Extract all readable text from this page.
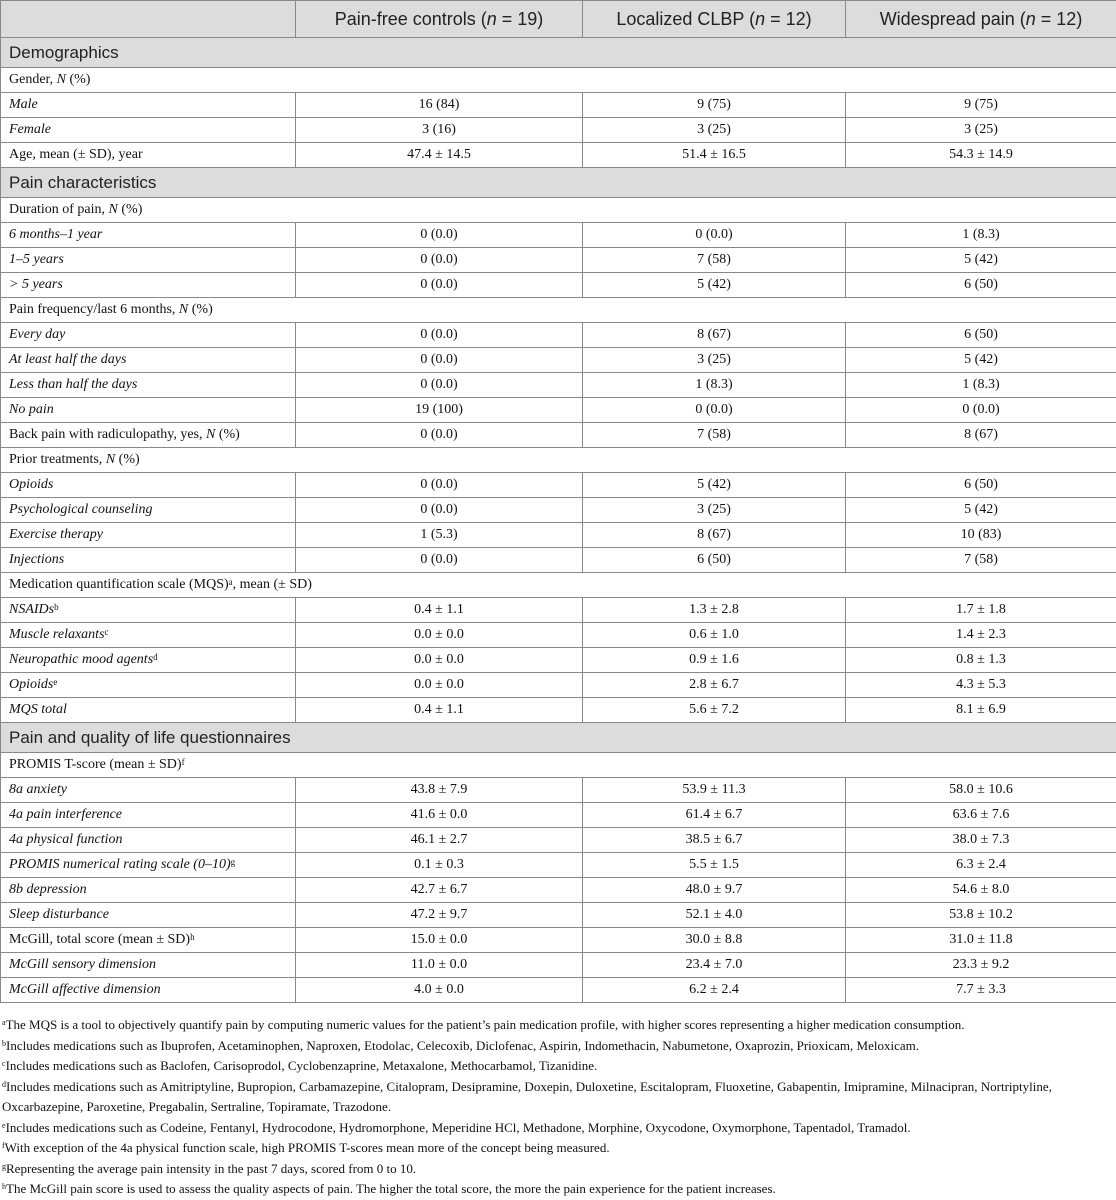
	Pain-free controls (n = 19)	Localized CLBP (n = 12)	Widespread pain (n = 12)
Demographics			
Gender, N (%)			
Male	16 (84)	9 (75)	9 (75)
Female	3 (16)	3 (25)	3 (25)
Age, mean (± SD), year	47.4 ± 14.5	51.4 ± 16.5	54.3 ± 14.9
Pain characteristics			
Duration of pain, N (%)			
6 months–1 year	0 (0.0)	0 (0.0)	1 (8.3)
1–5 years	0 (0.0)	7 (58)	5 (42)
> 5 years	0 (0.0)	5 (42)	6 (50)
Pain frequency/last 6 months, N (%)			
Every day	0 (0.0)	8 (67)	6 (50)
At least half the days	0 (0.0)	3 (25)	5 (42)
Less than half the days	0 (0.0)	1 (8.3)	1 (8.3)
No pain	19 (100)	0 (0.0)	0 (0.0)
Back pain with radiculopathy, yes, N (%)	0 (0.0)	7 (58)	8 (67)
Prior treatments, N (%)			
Opioids	0 (0.0)	5 (42)	6 (50)
Psychological counseling	0 (0.0)	3 (25)	5 (42)
Exercise therapy	1 (5.3)	8 (67)	10 (83)
Injections	0 (0.0)	6 (50)	7 (58)
Medication quantification scale (MQS)$^a$, mean (± SD)			
NSAIDs$^b$	0.4 ± 1.1	1.3 ± 2.8	1.7 ± 1.8
Muscle relaxants$^c$	0.0 ± 0.0	0.6 ± 1.0	1.4 ± 2.3
Neuropathic mood agents$^d$	0.0 ± 0.0	0.9 ± 1.6	0.8 ± 1.3
Opioids$^e$	0.0 ± 0.0	2.8 ± 6.7	4.3 ± 5.3
MQS total	0.4 ± 1.1	5.6 ± 7.2	8.1 ± 6.9
Pain and quality of life questionnaires			
PROMIS T-score (mean ± SD)$^f$
8a anxiety	43.8 ± 7.9	53.9 ± 11.3	58.0 ± 10.6
4a pain interference	41.6 ± 0.0	61.4 ± 6.7	63.6 ± 7.6
4a physical function	46.1 ± 2.7	38.5 ± 6.7	38.0 ± 7.3
PROMIS numerical rating scale $(0-10)^g$	0.1 ± 0.3	5.5 ± 1.5	6.3 ± 2.4
8b depression	42.7 ± 6.7	48.0 ± 9.7	54.6 ± 8.0
Sleep disturbance	47.2 ± 9.7	52.1 ± 4.0	53.8 ± 10.2
McGill, total score (mean ± SD)$^h$	15.0 ± 0.0	30.0 ± 8.8	31.0 ± 11.8
McGill sensory dimension	11.0 ± 0.0	23.4 ± 7.0	23.3 ± 9.2
McGill affective dimension	4.0 ± 0.0	6.2 ± 2.4	7.7 ± 3.3

$^a$The MQS is a tool to objectively quantify pain by computing numeric values for the patient’s pain medication profile, with higher scores representing a higher medication consumption.

$^b$Includes medications such as Ibuprofen, Acetaminophen, Naproxen, Etodolac, Celecoxib, Diclofenac, Aspirin, Indomethacin, Nabumetone, Oxaprozin, Prioxicam, Meloxicam.

$^c$Includes medications such as Baclofen, Carisoprodol, Cyclobenzaprine, Metaxalone, Methocarbamol, Tizanidine.

$^d$Includes medications such as Amitriptyline, Bupropion, Carbamazepine, Citalopram, Desipramine, Doxepin, Duloxetine, Escitalopram, Fluoxetine, Gabapentin, Imipramine, Milnacipran, Nortriptyline, Oxcarbazepine, Paroxetine, Pregabalin, Sertraline, Topiramate, Trazodone.

$^e$Includes medications such as Codeine, Fentanyl, Hydrocodone, Hydromorphone, Meperidine HCl, Methadone, Morphine, Oxycodone, Oxymorphone, Tapentadol, Tramadol.

$^f$With exception of the 4a physical function scale, high PROMIS T-scores mean more of the concept being measured.

$^g$Representing the average pain intensity in the past 7 days, scored from 0 to 10.

$^h$The McGill pain score is used to assess the quality aspects of pain. The higher the total score, the more the pain experience for the patient increases.
